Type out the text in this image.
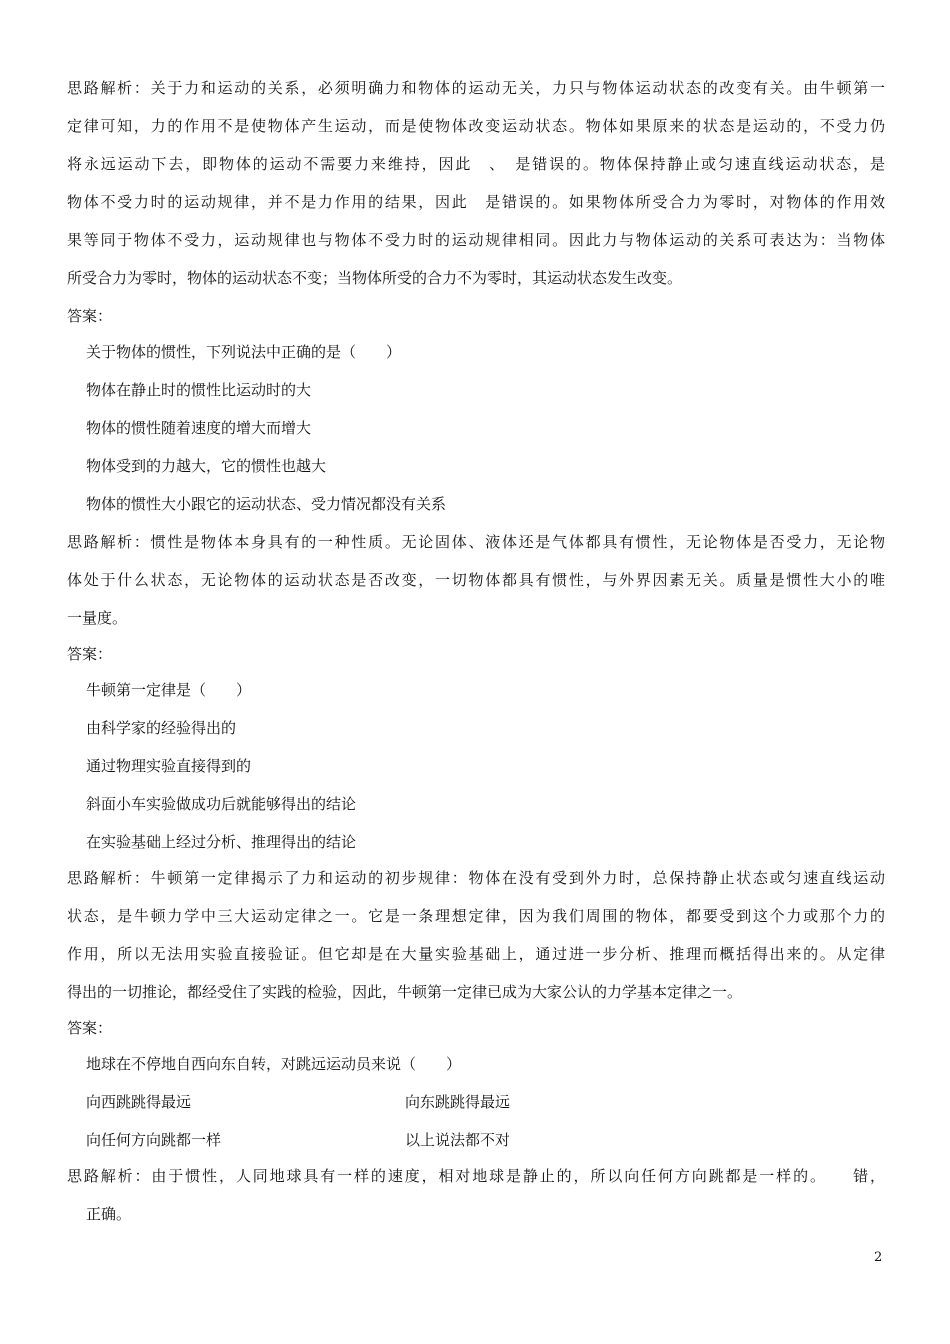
思路解析：关于力和运动的关系，必须明确力和物体的运动无关，力只与物体运动状态的改变有关。由牛顿第一
定律可知，力的作用不是使物体产生运动，而是使物体改变运动状态。物体如果原来的状态是运动的，不受力仍
将永远运动下去，即物体的运动不需要力来维持，因此　、　是错误的。物体保持静止或匀速直线运动状态，是
物体不受力时的运动规律，并不是力作用的结果，因此　是错误的。如果物体所受合力为零时，对物体的作用效
果等同于物体不受力，运动规律也与物体不受力时的运动规律相同。因此力与物体运动的关系可表达为：当物体
所受合力为零时，物体的运动状态不变；当物体所受的合力不为零时，其运动状态发生改变。
答案：
关于物体的惯性，下列说法中正确的是（　　）
物体在静止时的惯性比运动时的大
物体的惯性随着速度的增大而增大
物体受到的力越大，它的惯性也越大
物体的惯性大小跟它的运动状态、受力情况都没有关系
思路解析：惯性是物体本身具有的一种性质。无论固体、液体还是气体都具有惯性，无论物体是否受力，无论物
体处于什么状态，无论物体的运动状态是否改变，一切物体都具有惯性，与外界因素无关。质量是惯性大小的唯
一量度。
答案：
牛顿第一定律是（　　）
由科学家的经验得出的
通过物理实验直接得到的
斜面小车实验做成功后就能够得出的结论
在实验基础上经过分析、推理得出的结论
思路解析：牛顿第一定律揭示了力和运动的初步规律：物体在没有受到外力时，总保持静止状态或匀速直线运动
状态，是牛顿力学中三大运动定律之一。它是一条理想定律，因为我们周围的物体，都要受到这个力或那个力的
作用，所以无法用实验直接验证。但它却是在大量实验基础上，通过进一步分析、推理而概括得出来的。从定律
得出的一切推论，都经受住了实践的检验，因此，牛顿第一定律已成为大家公认的力学基本定律之一。
答案：
地球在不停地自西向东自转，对跳远运动员来说（　　）
向西跳跳得最远	向东跳跳得最远
向任何方向跳都一样	以上说法都不对
思路解析：由于惯性，人同地球具有一样的速度，相对地球是静止的，所以向任何方向跳都是一样的。　　错，
正确。
2
